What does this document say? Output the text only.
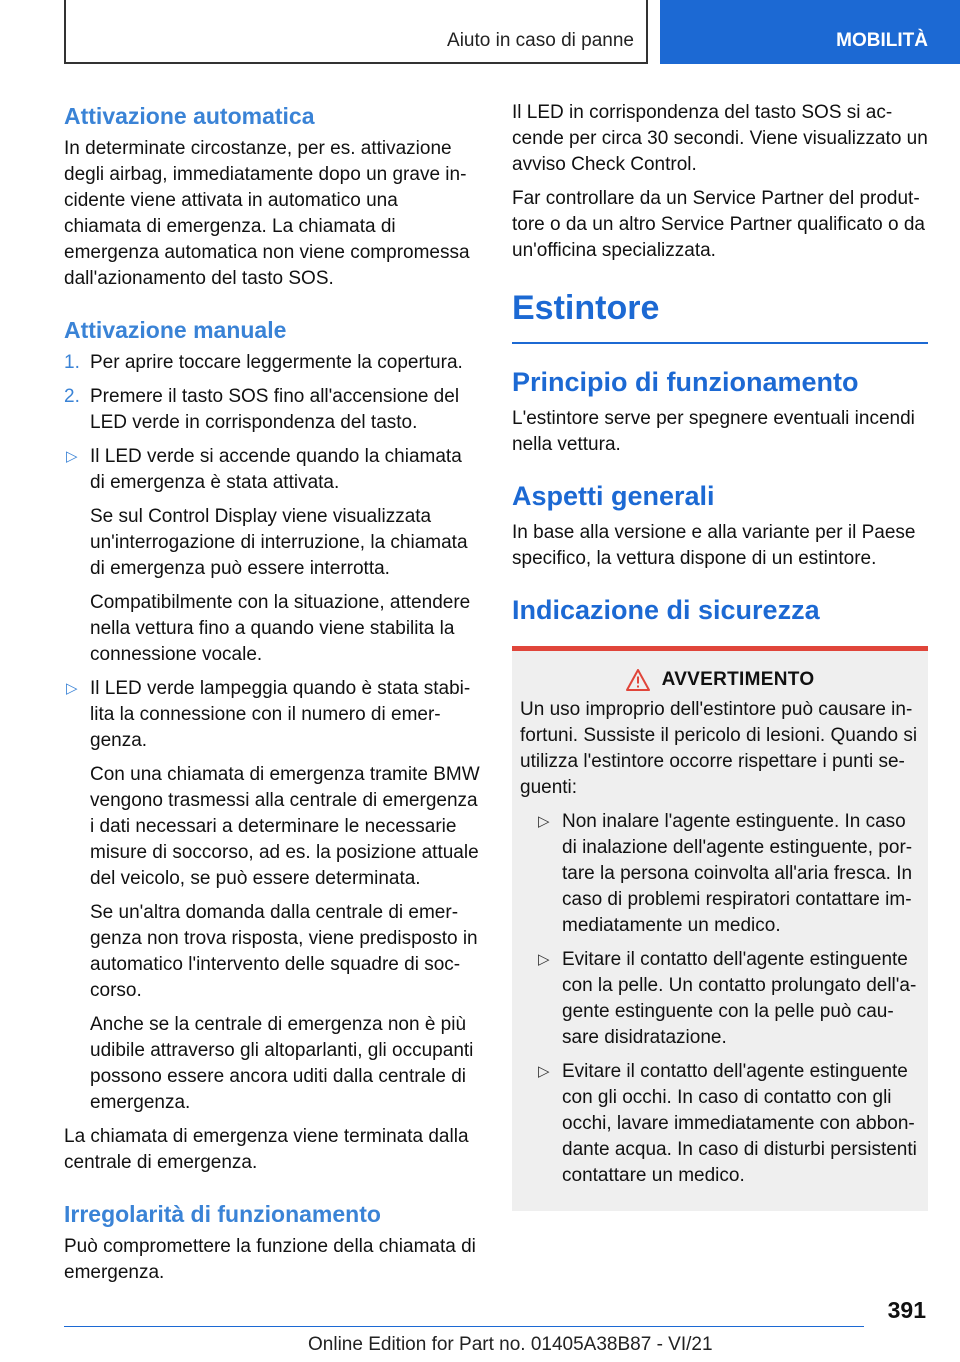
Aiuto in caso di panne	MOBILITÀ
Attivazione automatica

In determinate circostanze, per es. attivazione degli airbag, immediatamente dopo un grave incidente viene attivata in automatico una chiamata di emergenza. La chiamata di emergenza automatica non viene compromessa dall'azionamento del tasto SOS.

Attivazione manuale
1. Per aprire toccare leggermente la copertura.
2. Premere il tasto SOS fino all'accensione del LED verde in corrispondenza del tasto.
▷ Il LED verde si accende quando la chiamata di emergenza è stata attivata.

Se sul Control Display viene visualizzata un'interrogazione di interruzione, la chiamata di emergenza può essere interrotta.

Compatibilmente con la situazione, attendere nella vettura fino a quando viene stabilita la connessione vocale.

▷ Il LED verde lampeggia quando è stata stabilita la connessione con il numero di emergenza.

Con una chiamata di emergenza tramite BMW vengono trasmessi alla centrale di emergenza i dati necessari a determinare le necessarie misure di soccorso, ad es. la posizione attuale del veicolo, se può essere determinata.

Se un'altra domanda dalla centrale di emergenza non trova risposta, viene predisposto in automatico l'intervento delle squadre di soccorso.

Anche se la centrale di emergenza non è più udibile attraverso gli altoparlanti, gli occupanti possono essere ancora uditi dalla centrale di emergenza.

La chiamata di emergenza viene terminata dalla centrale di emergenza.

Irregolarità di funzionamento

Può compromettere la funzione della chiamata di emergenza.

Il LED in corrispondenza del tasto SOS si accende per circa 30 secondi. Viene visualizzato un avviso Check Control.

Far controllare da un Service Partner del produttore o da un altro Service Partner qualificato o da un'officina specializzata.

Estintore
Principio di funzionamento

L'estintore serve per spegnere eventuali incendi nella vettura.

Aspetti generali

In base alla versione e alla variante per il Paese specifico, la vettura dispone di un estintore.

Indicazione di sicurezza
AVVERTIMENTO

Un uso improprio dell'estintore può causare infortuni. Sussiste il pericolo di lesioni. Quando si utilizza l'estintore occorre rispettare i punti seguenti:

▷ Non inalare l'agente estinguente. In caso di inalazione dell'agente estinguente, portare la persona coinvolta all'aria fresca. In caso di problemi respiratori contattare immediatamente un medico.
▷ Evitare il contatto dell'agente estinguente con la pelle. Un contatto prolungato dell'agente estinguente con la pelle può causare disidratazione.
▷ Evitare il contatto dell'agente estinguente con gli occhi. In caso di contatto con gli occhi, lavare immediatamente con abbondante acqua. In caso di disturbi persistenti contattare un medico.
391
Online Edition for Part no. 01405A38B87 - VI/21
